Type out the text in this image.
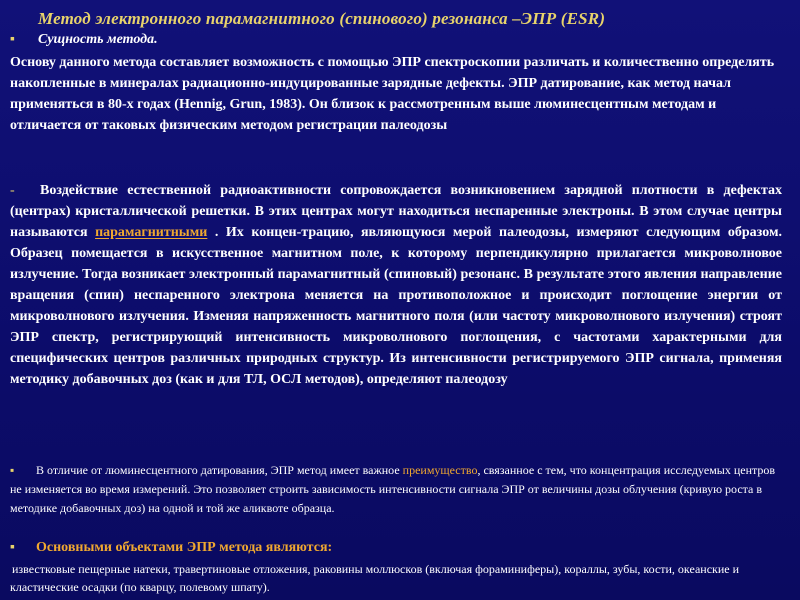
Метод электронного парамагнитного (спинового) резонанса –ЭПР (ESR)
▪ Сущность метода.
Основу данного метода составляет возможность с помощью ЭПР спектроскопии различать и количественно определять накопленные в минералах радиационно-индуцированные зарядные дефекты. ЭПР датирование, как метод начал применяться в 80-х годах (Hennig, Grun, 1983). Он близок к рассмотренным выше люминесцентным методам и отличается от таковых физическим методом регистрации палеодозы
- Воздействие естественной радиоактивности сопровождается возникновением зарядной плотности в дефектах (центрах) кристаллической решетки. В этих центрах могут находиться неспаренные электроны. В этом случае центры называются парамагнитными . Их концен-трацию, являющуюся мерой палеодозы, измеряют следующим образом. Образец помещается в искусственное магнитном поле, к которому перпендикулярно прилагается микроволновое излучение. Тогда возникает электронный парамагнитный (спиновый) резонанс. В результате этого явления направление вращения (спин) неспаренного электрона меняется на противоположное и происходит поглощение энергии от микроволнового излучения. Изменяя напряженность магнитного поля (или частоту микроволнового излучения) строят ЭПР спектр, регистрирующий интенсивность микроволнового поглощения, с частотами характерными для специфических центров различных природных структур. Из интенсивности регистрируемого ЭПР сигнала, применяя методику добавочных доз (как и для ТЛ, ОСЛ методов), определяют палеодозу
▪ В отличие от люминесцентного датирования, ЭПР метод имеет важное преимущество, связанное с тем, что концентрация исследуемых центров не изменяется во время измерений. Это позволяет строить зависимость интенсивности сигнала ЭПР от величины дозы облучения (кривую роста в методике добавочных доз) на одной и той же аликвоте образца.
▪ Основными объектами ЭПР метода являются:
известковые пещерные натеки, травертиновые отложения, раковины моллюсков (включая фораминиферы), кораллы, зубы, кости, океанские и кластические осадки (по кварцу, полевому шпату).
